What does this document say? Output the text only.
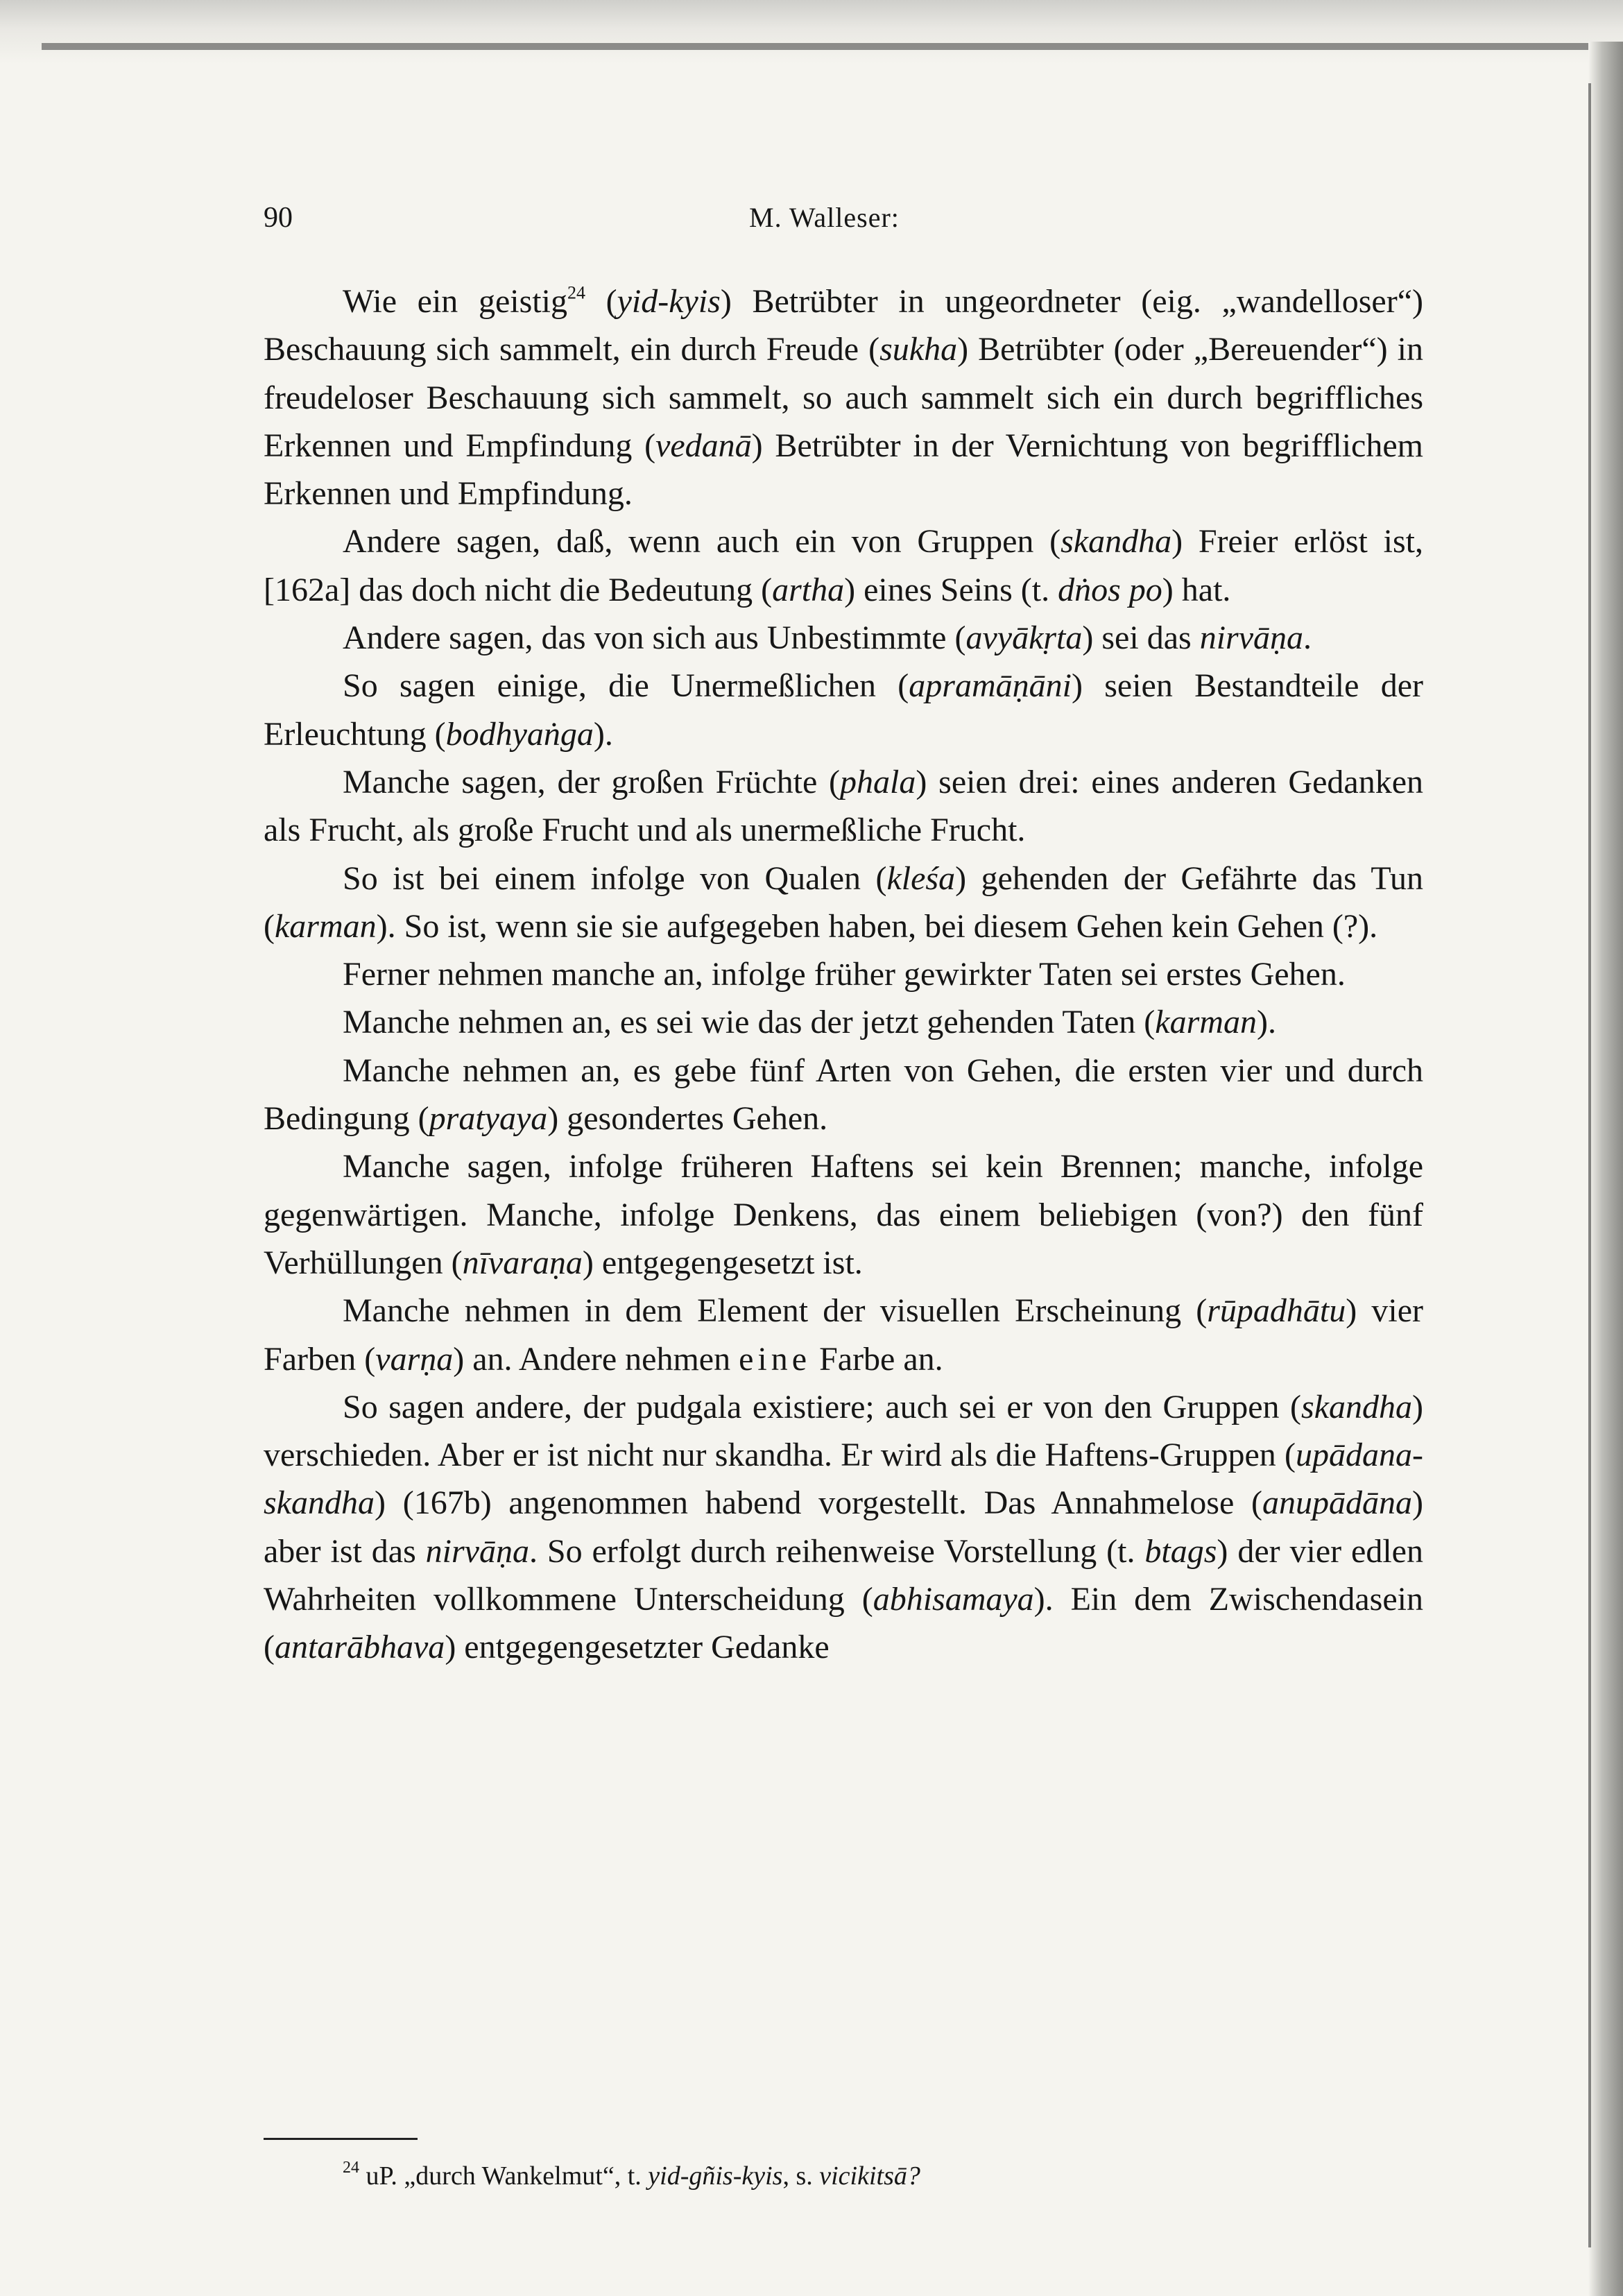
90	M. Walleser:

Wie ein geistig$^{24}$ (yid-kyis) Betrübter in ungeordneter (eig. „wandelloser“) Beschauung sich sammelt, ein durch Freude (sukha) Betrübter (oder „Bereuender“) in freudeloser Beschauung sich sammelt, so auch sammelt sich ein durch begriffliches Erkennen und Empfindung (vedanā) Betrübter in der Vernichtung von begrifflichem Erkennen und Empfindung.

Andere sagen, daß, wenn auch ein von Gruppen (skandha) Freier erlöst ist, [162a] das doch nicht die Bedeutung (artha) eines Seins (t. dṅos po) hat.

Andere sagen, das von sich aus Unbestimmte (avyākṛta) sei das nirvāṇa.

So sagen einige, die Unermeßlichen (apramāṇāni) seien Bestandteile der Erleuchtung (bodhyaṅga).

Manche sagen, der großen Früchte (phala) seien drei: eines anderen Gedanken als Frucht, als große Frucht und als unermeßliche Frucht.

So ist bei einem infolge von Qualen (kleśa) gehenden der Gefährte das Tun (karman). So ist, wenn sie sie aufgegeben haben, bei diesem Gehen kein Gehen (?).

Ferner nehmen manche an, infolge früher gewirkter Taten sei erstes Gehen.

Manche nehmen an, es sei wie das der jetzt gehenden Taten (karman).

Manche nehmen an, es gebe fünf Arten von Gehen, die ersten vier und durch Bedingung (pratyaya) gesondertes Gehen.

Manche sagen, infolge früheren Haftens sei kein Brennen; manche, infolge gegenwärtigen. Manche, infolge Denkens, das einem beliebigen (von?) den fünf Verhüllungen (nīvaraṇa) entgegengesetzt ist.

Manche nehmen in dem Element der visuellen Erscheinung (rūpadhātu) vier Farben (varṇa) an. Andere nehmen eine Farbe an.

So sagen andere, der pudgala existiere; auch sei er von den Gruppen (skandha) verschieden. Aber er ist nicht nur skandha. Er wird als die Haftens-Gruppen (upādana-skandha) (167b) angenommen habend vorgestellt. Das Annahmelose (anupādāna) aber ist das nirvāṇa. So erfolgt durch reihenweise Vorstellung (t. btags) der vier edlen Wahrheiten vollkommene Unterscheidung (abhisamaya). Ein dem Zwischendasein (antarābhava) entgegengesetzter Gedanke

$^{24}$ uP. „durch Wankelmut“, t. yid-gñis-kyis, s. vicikitsā?
